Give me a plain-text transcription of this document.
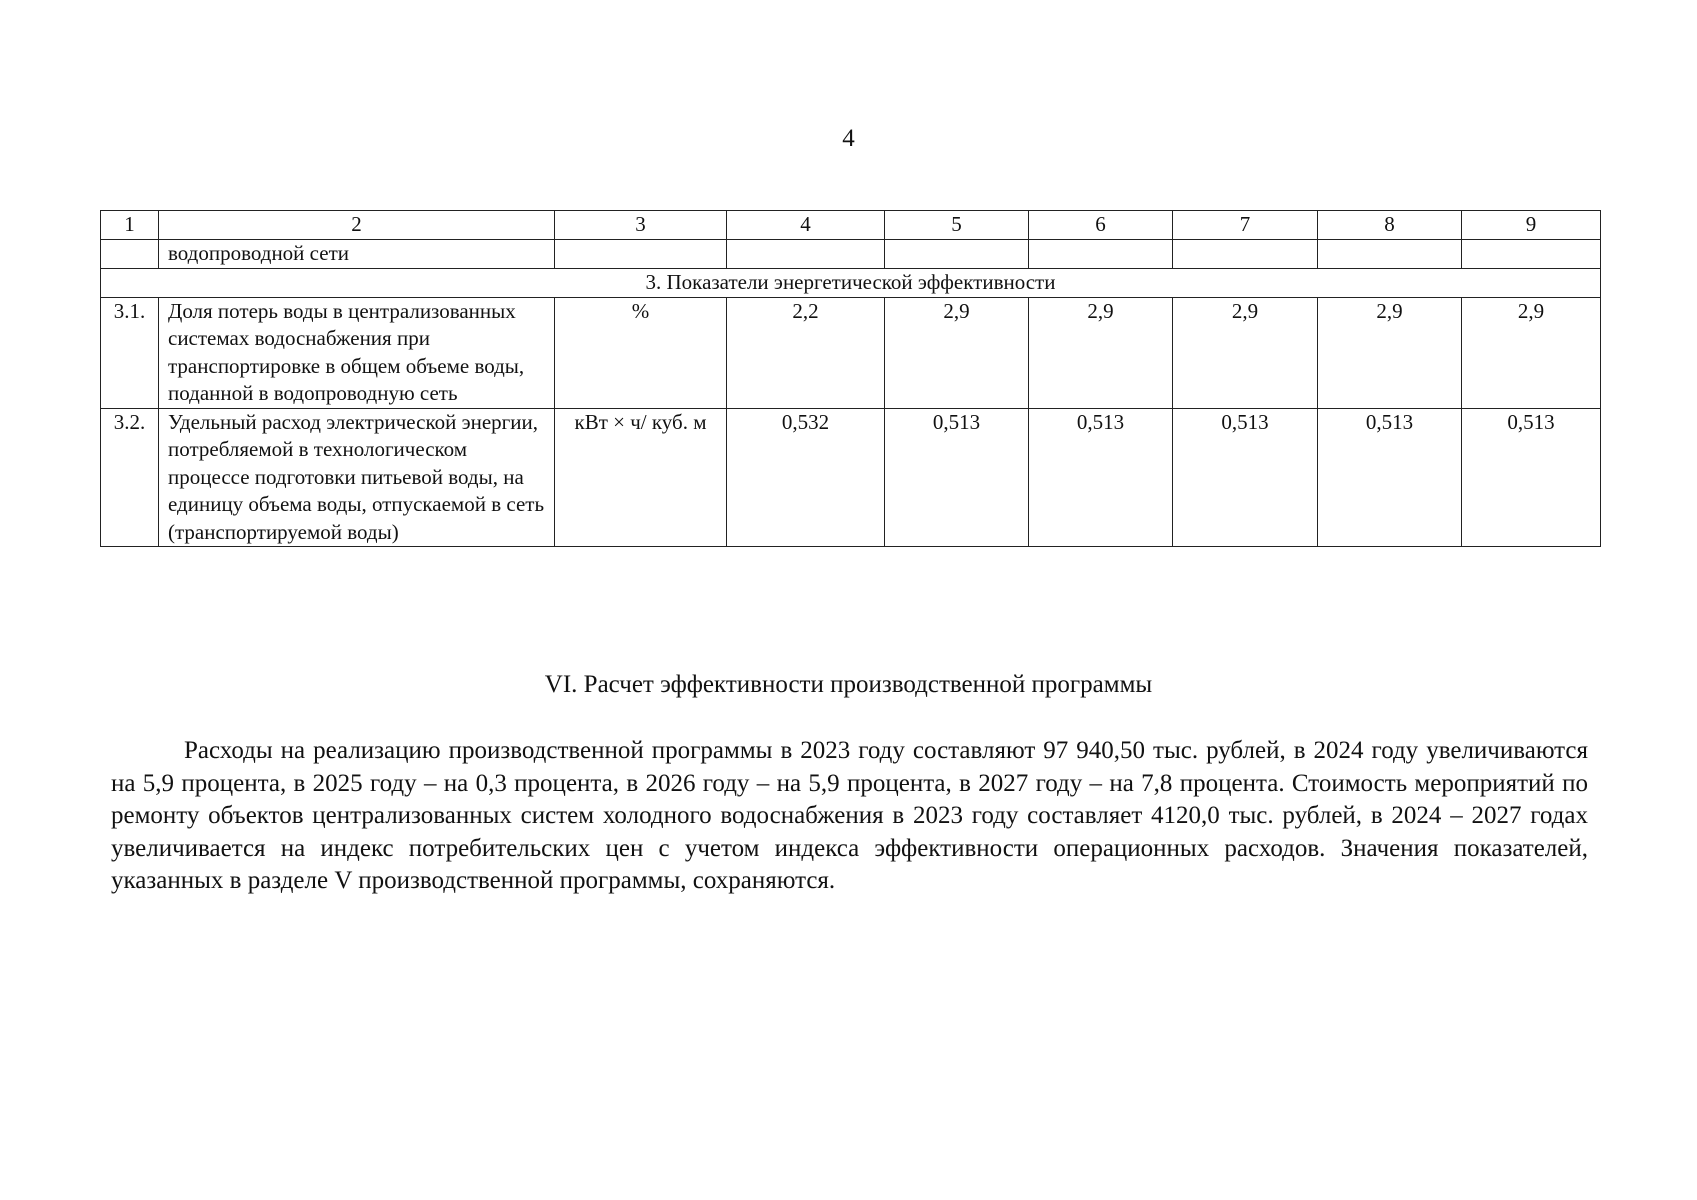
4
1	2	3	4	5	6	7	8	9
	водопроводной сети							
3. Показатели энергетической эффективности								
3.1.	Доля потерь воды в централизованных системах водоснабжения при транспортировке в общем объеме воды, поданной в водопроводную сеть	%	2,2	2,9	2,9	2,9	2,9	2,9
3.2.	Удельный расход электрической энергии, потребляемой в технологическом процессе подготовки питьевой воды, на единицу объема воды, отпускаемой в сеть (транспортируемой воды)	кВт × ч/ куб. м	0,532	0,513	0,513	0,513	0,513	0,513
VI. Расчет эффективности производственной программы

Расходы на реализацию производственной программы в 2023 году составляют 97 940,50 тыс. рублей, в 2024 году увеличиваются на 5,9 процента, в 2025 году – на 0,3 процента, в 2026 году – на 5,9 процента, в 2027 году – на 7,8 процента. Стоимость мероприятий по ремонту объектов централизованных систем холодного водоснабжения в 2023 году составляет 4120,0 тыс. рублей, в 2024 – 2027 годах увеличивается на индекс потребительских цен с учетом индекса эффективности операционных расходов. Значения показателей, указанных в разделе V производственной программы, сохраняются.
